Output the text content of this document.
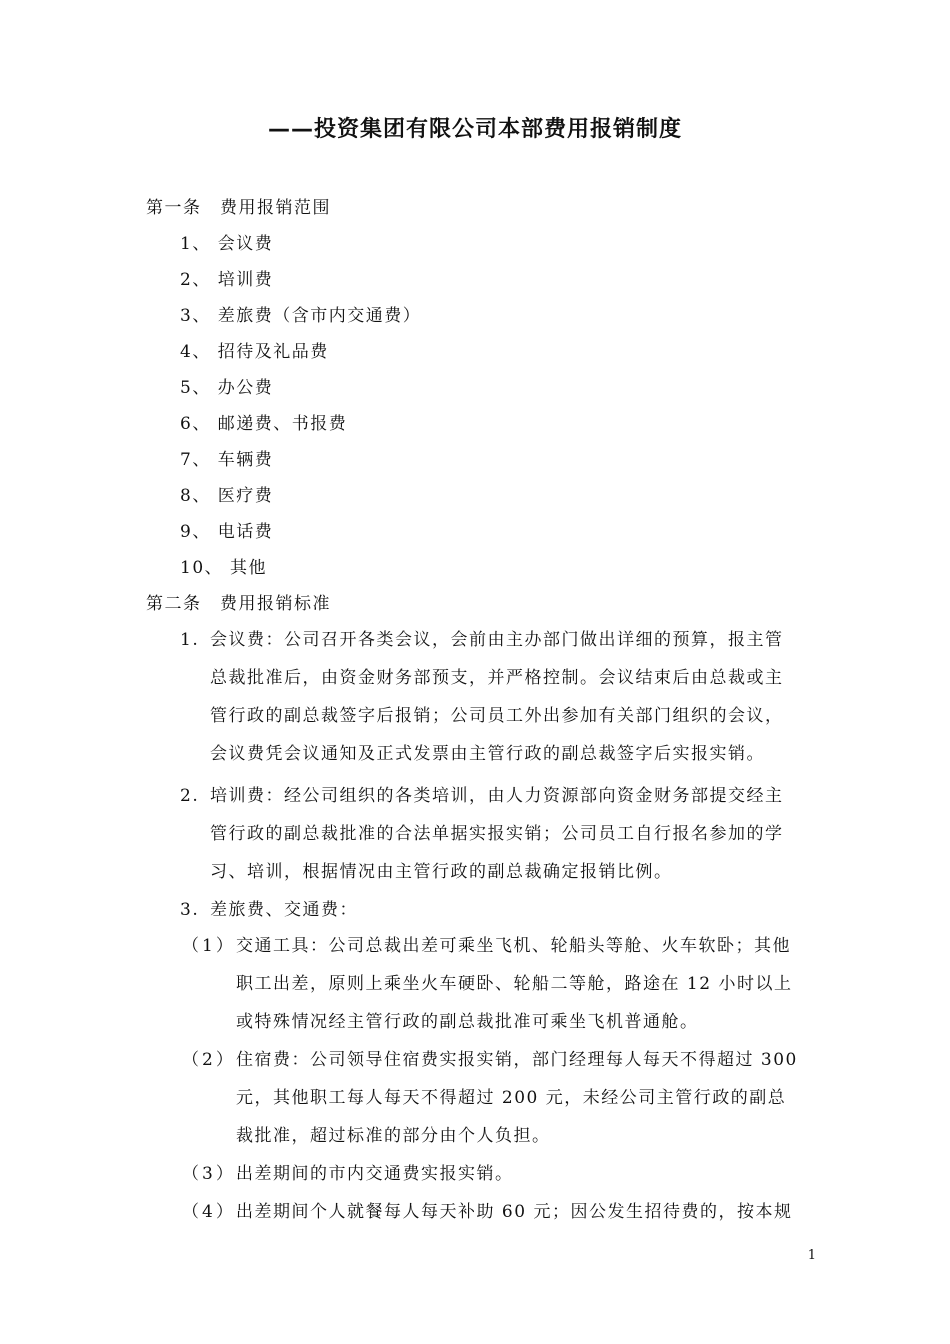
——投资集团有限公司本部费用报销制度
第一条　费用报销范围
1、 会议费
2、 培训费
3、 差旅费（含市内交通费）
4、 招待及礼品费
5、 办公费
6、 邮递费、书报费
7、 车辆费
8、 医疗费
9、 电话费
10、 其他
第二条　费用报销标准
1. 会议费：公司召开各类会议，会前由主办部门做出详细的预算，报主管
总裁批准后，由资金财务部预支，并严格控制。会议结束后由总裁或主
管行政的副总裁签字后报销；公司员工外出参加有关部门组织的会议，
会议费凭会议通知及正式发票由主管行政的副总裁签字后实报实销。
2. 培训费：经公司组织的各类培训，由人力资源部向资金财务部提交经主
管行政的副总裁批准的合法单据实报实销；公司员工自行报名参加的学
习、培训，根据情况由主管行政的副总裁确定报销比例。
3. 差旅费、交通费：
（1） 交通工具：公司总裁出差可乘坐飞机、轮船头等舱、火车软卧；其他
职工出差，原则上乘坐火车硬卧、轮船二等舱，路途在 12 小时以上
或特殊情况经主管行政的副总裁批准可乘坐飞机普通舱。
（2） 住宿费：公司领导住宿费实报实销，部门经理每人每天不得超过 300
元，其他职工每人每天不得超过 200 元，未经公司主管行政的副总
裁批准，超过标准的部分由个人负担。
（3） 出差期间的市内交通费实报实销。
（4） 出差期间个人就餐每人每天补助 60 元；因公发生招待费的，按本规
1
